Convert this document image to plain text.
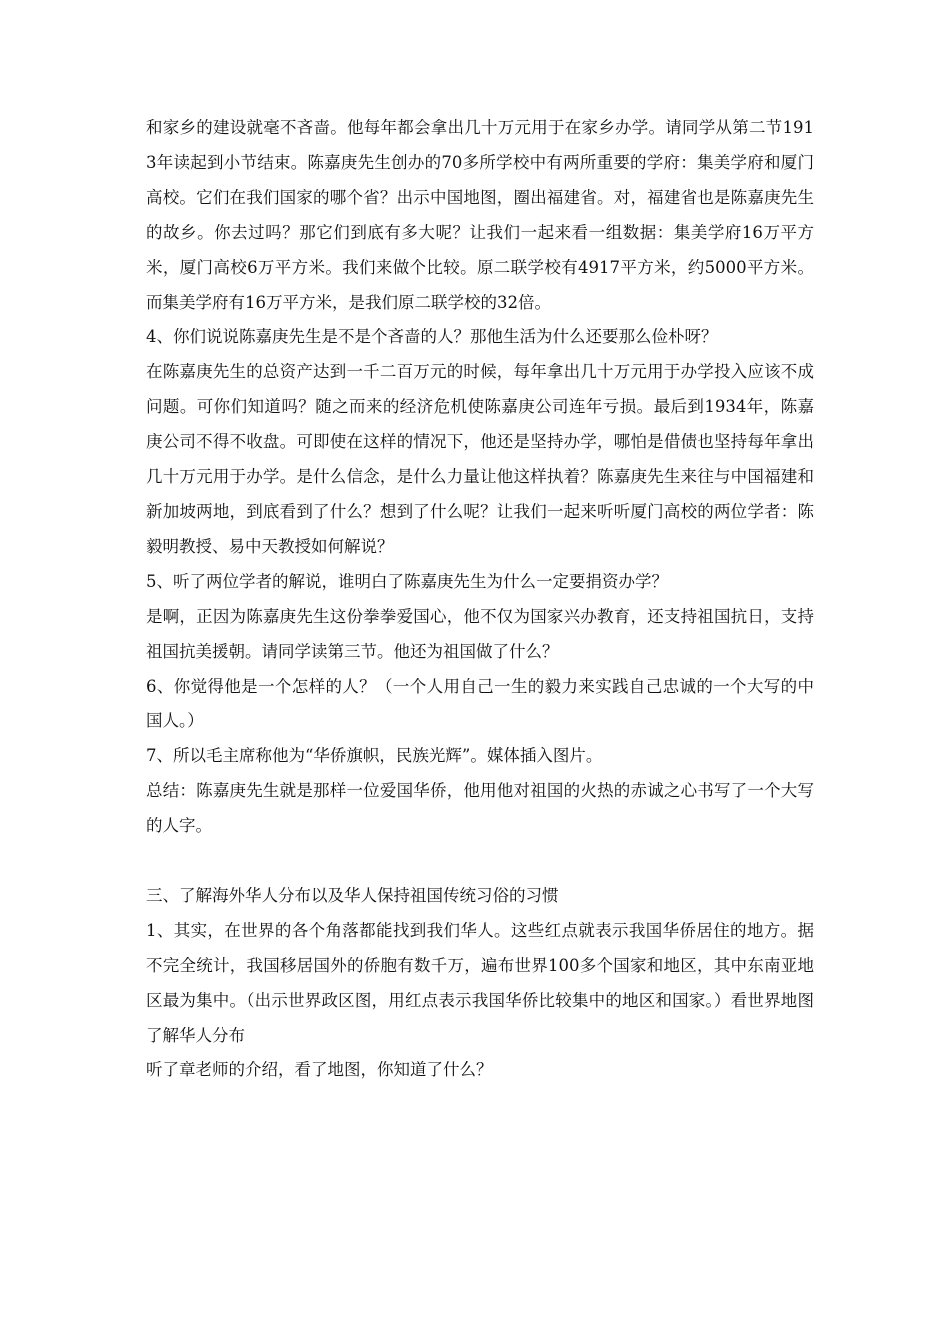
和家乡的建设就毫不吝啬。他每年都会拿出几十万元用于在家乡办学。请同学从第二节1913年读起到小节结束。陈嘉庚先生创办的70多所学校中有两所重要的学府：集美学府和厦门高校。它们在我们国家的哪个省？出示中国地图，圈出福建省。对，福建省也是陈嘉庚先生的故乡。你去过吗？那它们到底有多大呢？让我们一起来看一组数据：集美学府16万平方米，厦门高校6万平方米。我们来做个比较。原二联学校有4917平方米，约5000平方米。而集美学府有16万平方米，是我们原二联学校的32倍。

4、你们说说陈嘉庚先生是不是个吝啬的人？那他生活为什么还要那么俭朴呀？

在陈嘉庚先生的总资产达到一千二百万元的时候，每年拿出几十万元用于办学投入应该不成问题。可你们知道吗？随之而来的经济危机使陈嘉庚公司连年亏损。最后到1934年，陈嘉庚公司不得不收盘。可即使在这样的情况下，他还是坚持办学，哪怕是借债也坚持每年拿出几十万元用于办学。是什么信念，是什么力量让他这样执着？陈嘉庚先生来往与中国福建和新加坡两地，到底看到了什么？想到了什么呢？让我们一起来听听厦门高校的两位学者：陈毅明教授、易中天教授如何解说？

5、听了两位学者的解说，谁明白了陈嘉庚先生为什么一定要捐资办学？

是啊，正因为陈嘉庚先生这份拳拳爱国心，他不仅为国家兴办教育，还支持祖国抗日，支持祖国抗美援朝。请同学读第三节。他还为祖国做了什么？

6、你觉得他是一个怎样的人？（一个人用自己一生的毅力来实践自己忠诚的一个大写的中国人。）

7、所以毛主席称他为“华侨旗帜，民族光辉”。媒体插入图片。

总结：陈嘉庚先生就是那样一位爱国华侨，他用他对祖国的火热的赤诚之心书写了一个大写的人字。

三、了解海外华人分布以及华人保持祖国传统习俗的习惯

1、其实，在世界的各个角落都能找到我们华人。这些红点就表示我国华侨居住的地方。据不完全统计，我国移居国外的侨胞有数千万，遍布世界100多个国家和地区，其中东南亚地区最为集中。（出示世界政区图，用红点表示我国华侨比较集中的地区和国家。）看世界地图了解华人分布

听了章老师的介绍，看了地图，你知道了什么？
